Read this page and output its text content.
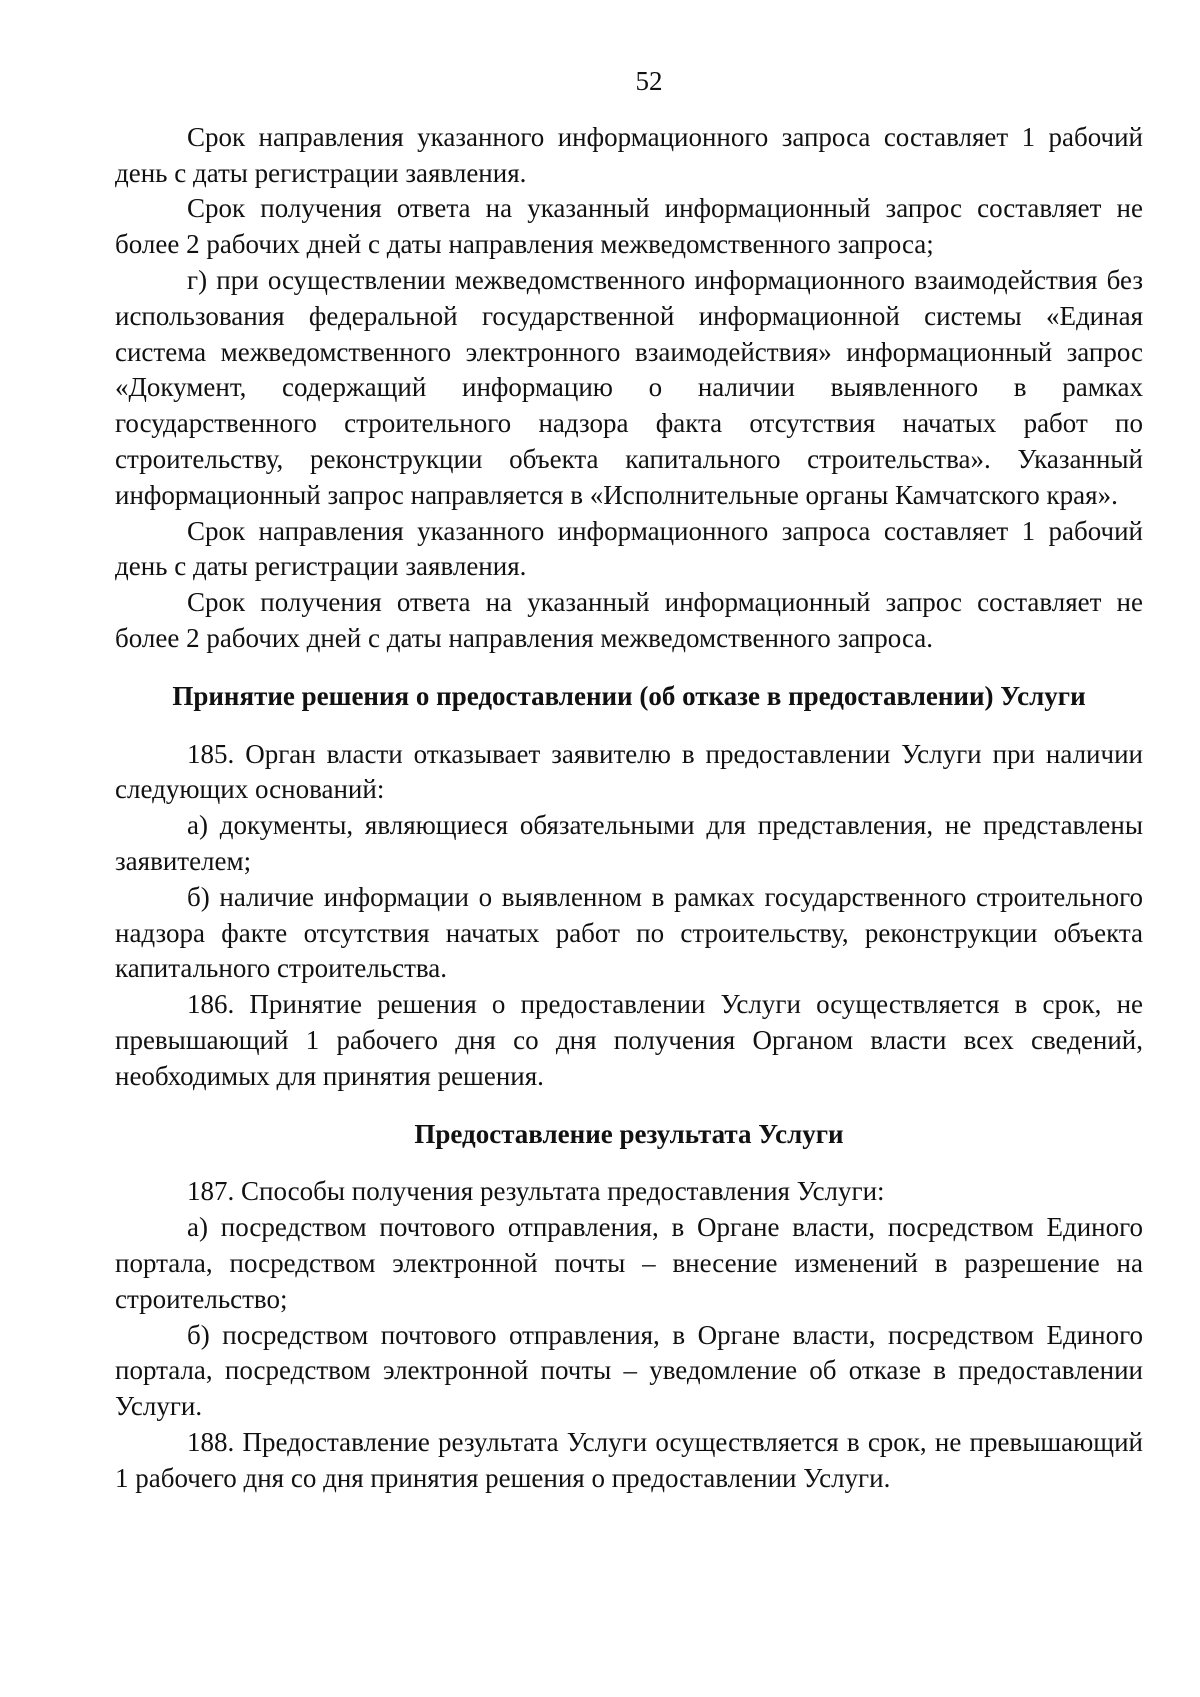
52

Срок направления указанного информационного запроса составляет 1 рабочий день с даты регистрации заявления.

Срок получения ответа на указанный информационный запрос составляет не более 2 рабочих дней с даты направления межведомственного запроса;

г) при осуществлении межведомственного информационного взаимодействия без использования федеральной государственной информационной системы «Единая система межведомственного электронного взаимодействия» информационный запрос «Документ, содержащий информацию о наличии выявленного в рамках государственного строительного надзора факта отсутствия начатых работ по строительству, реконструкции объекта капитального строительства». Указанный информационный запрос направляется в «Исполнительные органы Камчатского края».

Срок направления указанного информационного запроса составляет 1 рабочий день с даты регистрации заявления.

Срок получения ответа на указанный информационный запрос составляет не более 2 рабочих дней с даты направления межведомственного запроса.

Принятие решения о предоставлении (об отказе в предоставлении) Услуги

185. Орган власти отказывает заявителю в предоставлении Услуги при наличии следующих оснований:

а) документы, являющиеся обязательными для представления, не представлены заявителем;

б) наличие информации о выявленном в рамках государственного строительного надзора факте отсутствия начатых работ по строительству, реконструкции объекта капитального строительства.

186. Принятие решения о предоставлении Услуги осуществляется в срок, не превышающий 1 рабочего дня со дня получения Органом власти всех сведений, необходимых для принятия решения.

Предоставление результата Услуги

187. Способы получения результата предоставления Услуги:

а) посредством почтового отправления, в Органе власти, посредством Единого портала, посредством электронной почты – внесение изменений в разрешение на строительство;

б) посредством почтового отправления, в Органе власти, посредством Единого портала, посредством электронной почты – уведомление об отказе в предоставлении Услуги.

188. Предоставление результата Услуги осуществляется в срок, не превышающий 1 рабочего дня со дня принятия решения о предоставлении Услуги.
